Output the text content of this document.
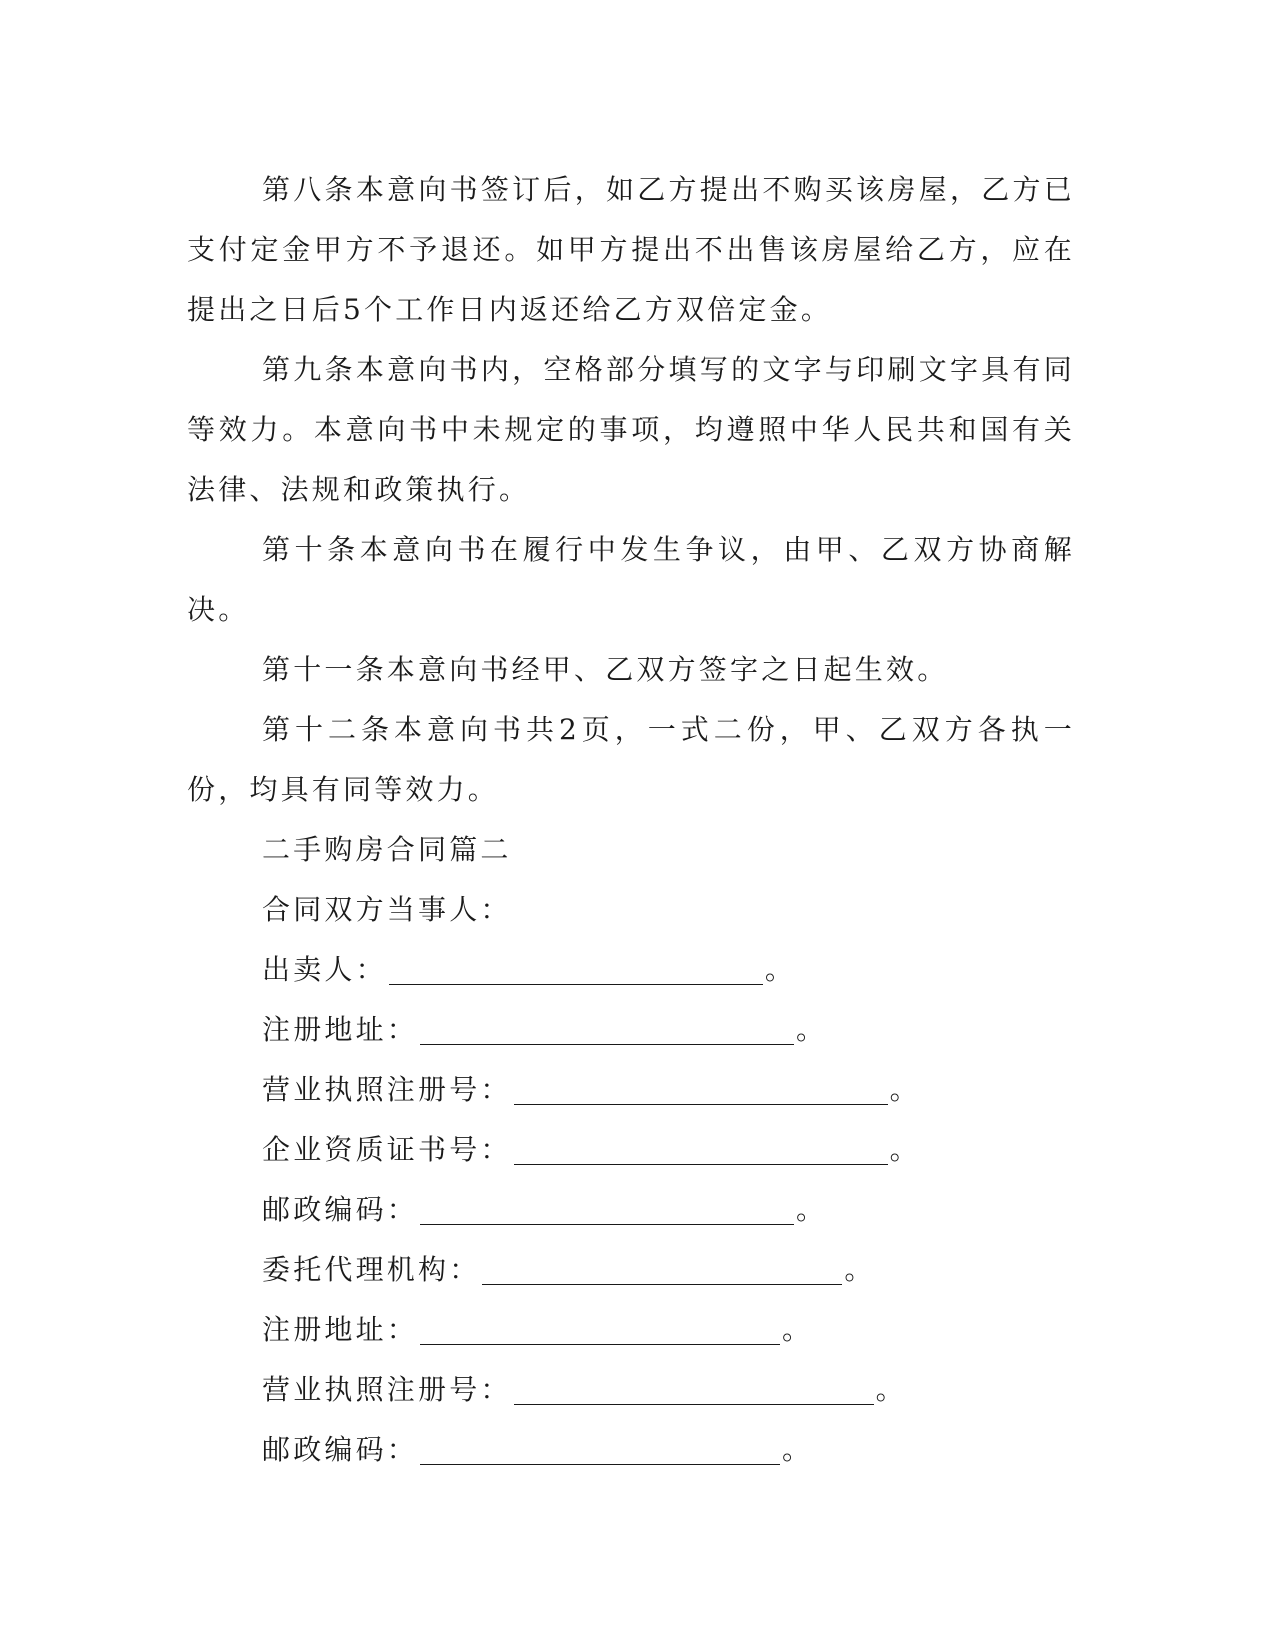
第八条本意向书签订后，如乙方提出不购买该房屋，乙方已支付定金甲方不予退还。如甲方提出不出售该房屋给乙方，应在提出之日后5个工作日内返还给乙方双倍定金。

第九条本意向书内，空格部分填写的文字与印刷文字具有同等效力。本意向书中未规定的事项，均遵照中华人民共和国有关法律、法规和政策执行。

第十条本意向书在履行中发生争议，由甲、乙双方协商解决。

第十一条本意向书经甲、乙双方签字之日起生效。

第十二条本意向书共2页，一式二份，甲、乙双方各执一份，均具有同等效力。

二手购房合同篇二

合同双方当事人：

出卖人：	。

注册地址：	。

营业执照注册号：	。

企业资质证书号：	。

邮政编码：	。

委托代理机构：	。

注册地址：	。

营业执照注册号：	。

邮政编码：	。
